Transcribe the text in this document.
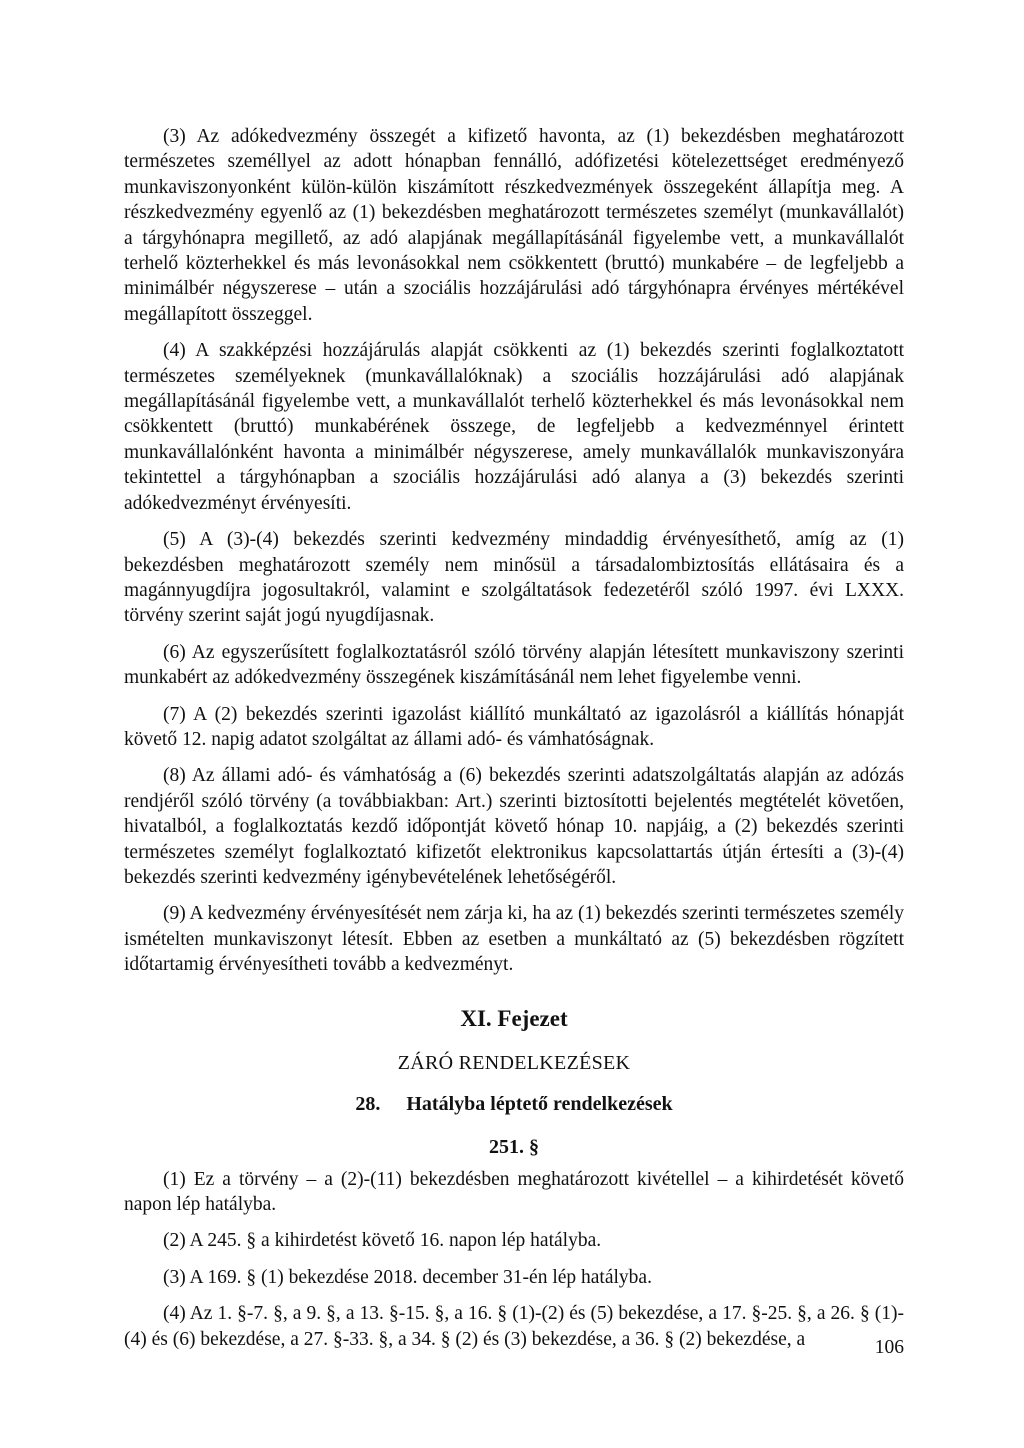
(3) Az adókedvezmény összegét a kifizető havonta, az (1) bekezdésben meghatározott természetes személlyel az adott hónapban fennálló, adófizetési kötelezettséget eredményező munkaviszonyonként külön-külön kiszámított részkedvezmények összegeként állapítja meg. A részkedvezmény egyenlő az (1) bekezdésben meghatározott természetes személyt (munkavállalót) a tárgyhónapra megillető, az adó alapjának megállapításánál figyelembe vett, a munkavállalót terhelő közterhekkel és más levonásokkal nem csökkentett (bruttó) munkabére – de legfeljebb a minimálbér négyszerese – után a szociális hozzájárulási adó tárgyhónapra érvényes mértékével megállapított összeggel.

(4) A szakképzési hozzájárulás alapját csökkenti az (1) bekezdés szerinti foglalkoztatott természetes személyeknek (munkavállalóknak) a szociális hozzájárulási adó alapjának megállapításánál figyelembe vett, a munkavállalót terhelő közterhekkel és más levonásokkal nem csökkentett (bruttó) munkabérének összege, de legfeljebb a kedvezménnyel érintett munkavállalónként havonta a minimálbér négyszerese, amely munkavállalók munkaviszonyára tekintettel a tárgyhónapban a szociális hozzájárulási adó alanya a (3) bekezdés szerinti adókedvezményt érvényesíti.

(5) A (3)-(4) bekezdés szerinti kedvezmény mindaddig érvényesíthető, amíg az (1) bekezdésben meghatározott személy nem minősül a társadalombiztosítás ellátásaira és a magánnyugdíjra jogosultakról, valamint e szolgáltatások fedezetéről szóló 1997. évi LXXX. törvény szerint saját jogú nyugdíjasnak.

(6) Az egyszerűsített foglalkoztatásról szóló törvény alapján létesített munkaviszony szerinti munkabért az adókedvezmény összegének kiszámításánál nem lehet figyelembe venni.

(7) A (2) bekezdés szerinti igazolást kiállító munkáltató az igazolásról a kiállítás hónapját követő 12. napig adatot szolgáltat az állami adó- és vámhatóságnak.

(8) Az állami adó- és vámhatóság a (6) bekezdés szerinti adatszolgáltatás alapján az adózás rendjéről szóló törvény (a továbbiakban: Art.) szerinti biztosítotti bejelentés megtételét követően, hivatalból, a foglalkoztatás kezdő időpontját követő hónap 10. napjáig, a (2) bekezdés szerinti természetes személyt foglalkoztató kifizetőt elektronikus kapcsolattartás útján értesíti a (3)-(4) bekezdés szerinti kedvezmény igénybevételének lehetőségéről.

(9) A kedvezmény érvényesítését nem zárja ki, ha az (1) bekezdés szerinti természetes személy ismételten munkaviszonyt létesít. Ebben az esetben a munkáltató az (5) bekezdésben rögzített időtartamig érvényesítheti tovább a kedvezményt.

XI. Fejezet
ZÁRÓ RENDELKEZÉSEK
28. Hatályba léptető rendelkezések
251. §

(1) Ez a törvény – a (2)-(11) bekezdésben meghatározott kivétellel – a kihirdetését követő napon lép hatályba.

(2) A 245. § a kihirdetést követő 16. napon lép hatályba.

(3) A 169. § (1) bekezdése 2018. december 31-én lép hatályba.

(4) Az 1. §-7. §, a 9. §, a 13. §-15. §, a 16. § (1)-(2) és (5) bekezdése, a 17. §-25. §, a 26. § (1)-(4) és (6) bekezdése, a 27. §-33. §, a 34. § (2) és (3) bekezdése, a 36. § (2) bekezdése, a	106
